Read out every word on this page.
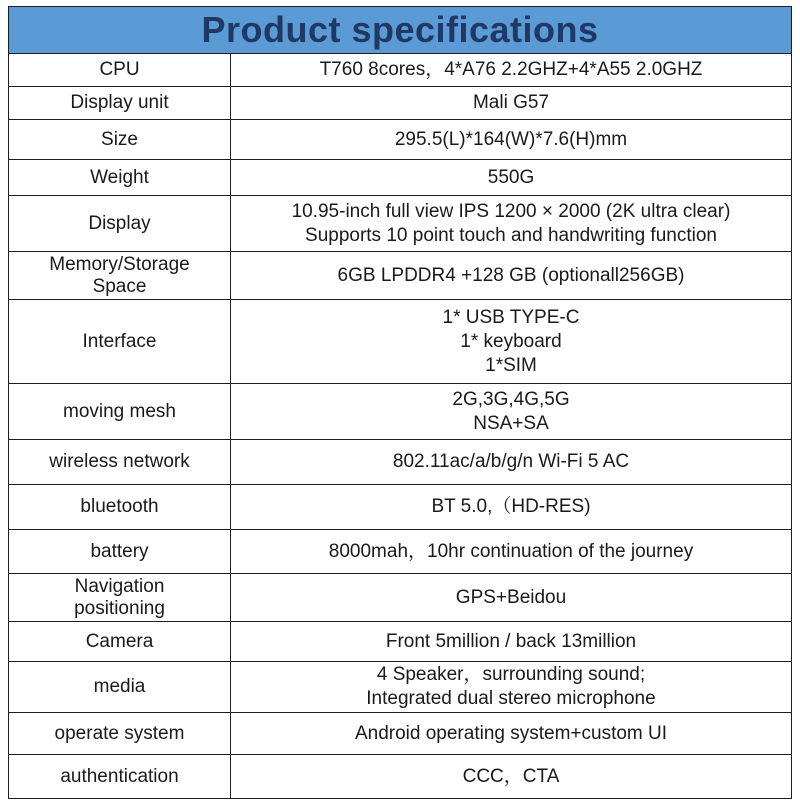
Product specifications	

CPU	T760 8cores，4*A76 2.2GHZ+4*A55 2.0GHZ

Display unit	Mali G57

Size	295.5(L)*164(W)*7.6(H)mm

Weight	550G

Display	10.95-inch full view IPS 1200 × 2000 (2K ultra clear)
Supports 10 point touch and handwriting function

Memory/Storage
Space	6GB LPDDR4 +128 GB (optionall256GB)

Interface	1* USB TYPE-C
1* keyboard
1*SIM

moving mesh	2G,3G,4G,5G
NSA+SA

wireless network	802.11ac/a/b/g/n Wi-Fi 5 AC

bluetooth	BT 5.0,（HD-RES)

battery	8000mah，10hr continuation of the journey

Navigation
positioning	GPS+Beidou

Camera	Front 5million / back 13million

media	4 Speaker，surrounding sound;
Integrated dual stereo microphone

operate system	Android operating system+custom UI

authentication	CCC，CTA
